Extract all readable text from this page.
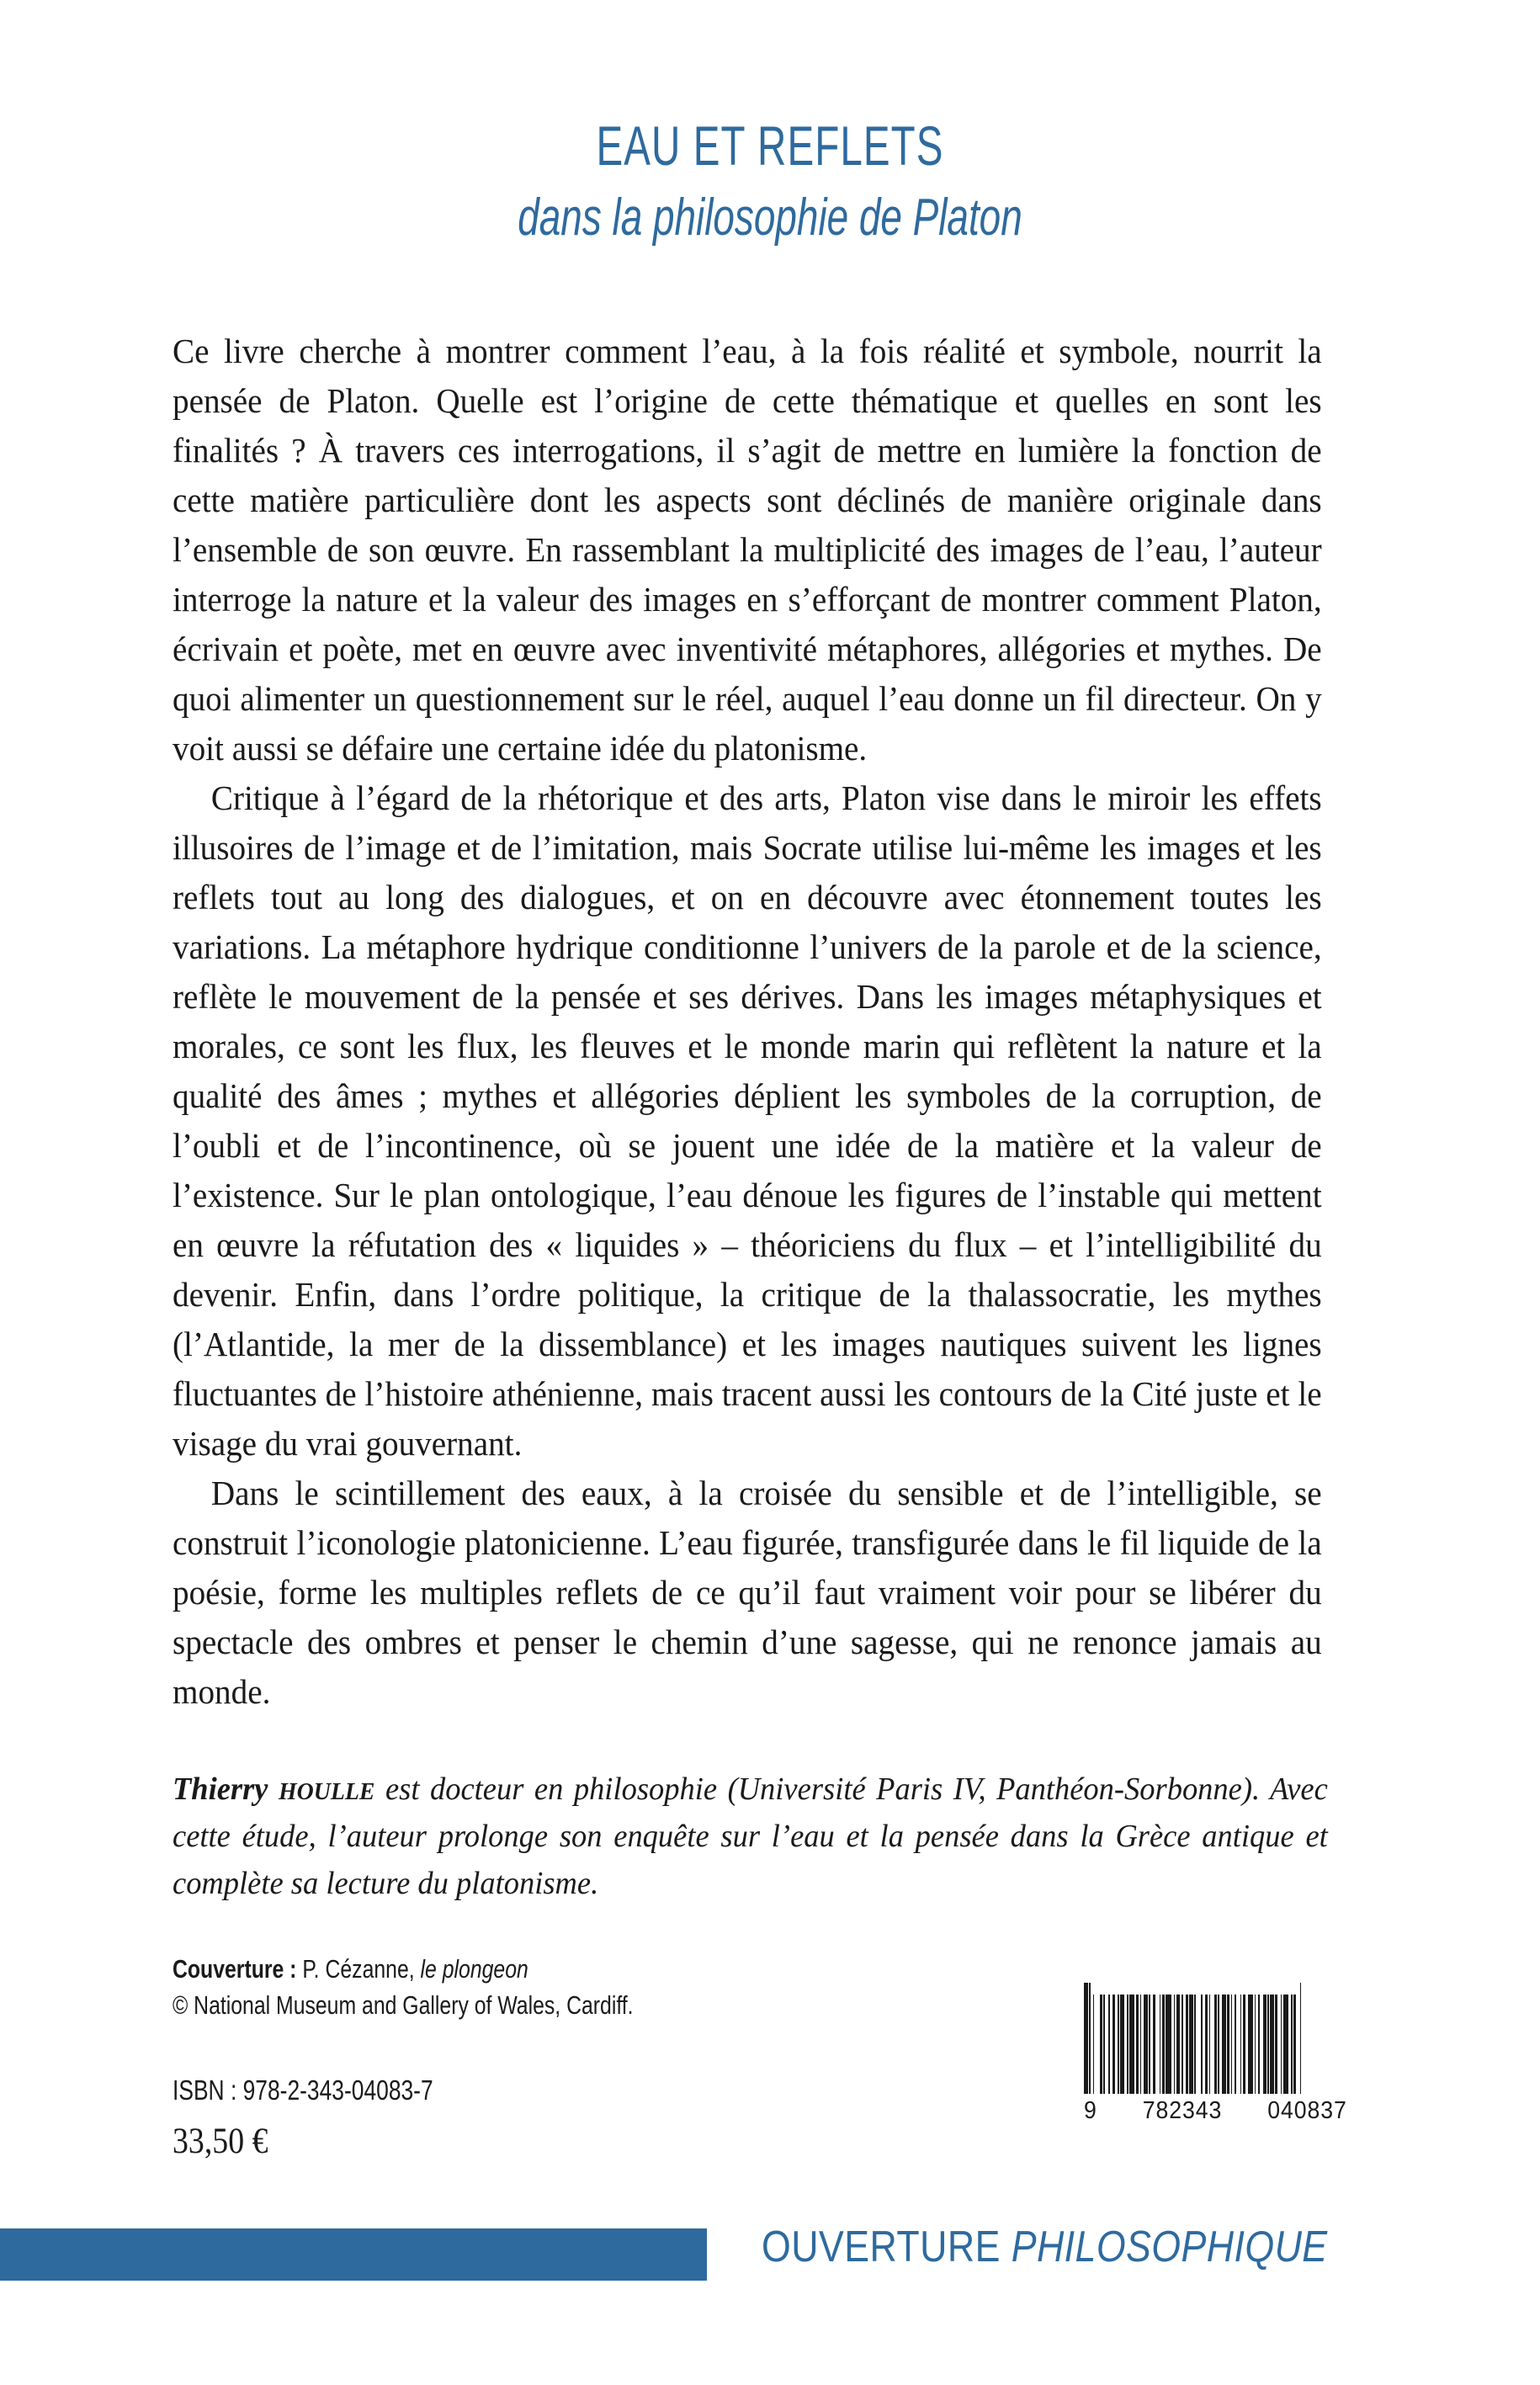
EAU ET REFLETS
dans la philosophie de Platon

Ce livre cherche à montrer comment l’eau, à la fois réalité et symbole, nourrit la pensée de Platon. Quelle est l’origine de cette thématique et quelles en sont les finalités ? À travers ces interrogations, il s’agit de mettre en lumière la fonction de cette matière particulière dont les aspects sont déclinés de manière originale dans l’ensemble de son œuvre. En rassemblant la multiplicité des images de l’eau, l’auteur interroge la nature et la valeur des images en s’efforçant de montrer comment Platon, écrivain et poète, met en œuvre avec inventivité métaphores, allégories et mythes. De quoi alimenter un questionnement sur le réel, auquel l’eau donne un fil directeur. On y voit aussi se défaire une certaine idée du platonisme.

Critique à l’égard de la rhétorique et des arts, Platon vise dans le miroir les effets illusoires de l’image et de l’imitation, mais Socrate utilise lui-même les images et les reflets tout au long des dialogues, et on en découvre avec étonnement toutes les variations. La métaphore hydrique conditionne l’univers de la parole et de la science, reflète le mouvement de la pensée et ses dérives. Dans les images métaphysiques et morales, ce sont les flux, les fleuves et le monde marin qui reflètent la nature et la qualité des âmes ; mythes et allégories déplient les symboles de la corruption, de l’oubli et de l’incontinence, où se jouent une idée de la matière et la valeur de l’existence. Sur le plan ontologique, l’eau dénoue les figures de l’instable qui mettent en œuvre la réfutation des « liquides » – théoriciens du flux – et l’intelligibilité du devenir. Enfin, dans l’ordre politique, la critique de la thalassocratie, les mythes (l’Atlantide, la mer de la dissemblance) et les images nautiques suivent les lignes fluctuantes de l’histoire athénienne, mais tracent aussi les contours de la Cité juste et le visage du vrai gouvernant.

Dans le scintillement des eaux, à la croisée du sensible et de l’intelligible, se construit l’iconologie platonicienne. L’eau figurée, transfigurée dans le fil liquide de la poésie, forme les multiples reflets de ce qu’il faut vraiment voir pour se libérer du spectacle des ombres et penser le chemin d’une sagesse, qui ne renonce jamais au monde.

Thierry houlle est docteur en philosophie (Université Paris IV, Panthéon-Sorbonne). Avec cette étude, l’auteur prolonge son enquête sur l’eau et la pensée dans la Grèce antique et complète sa lecture du platonisme.
Couverture : P. Cézanne, le plongeon
© National Museum and Gallery of Wales, Cardiff.
ISBN : 978-2-343-04083-7
33,50 €
9 782343 040837
OUVERTURE PHILOSOPHIQUE
